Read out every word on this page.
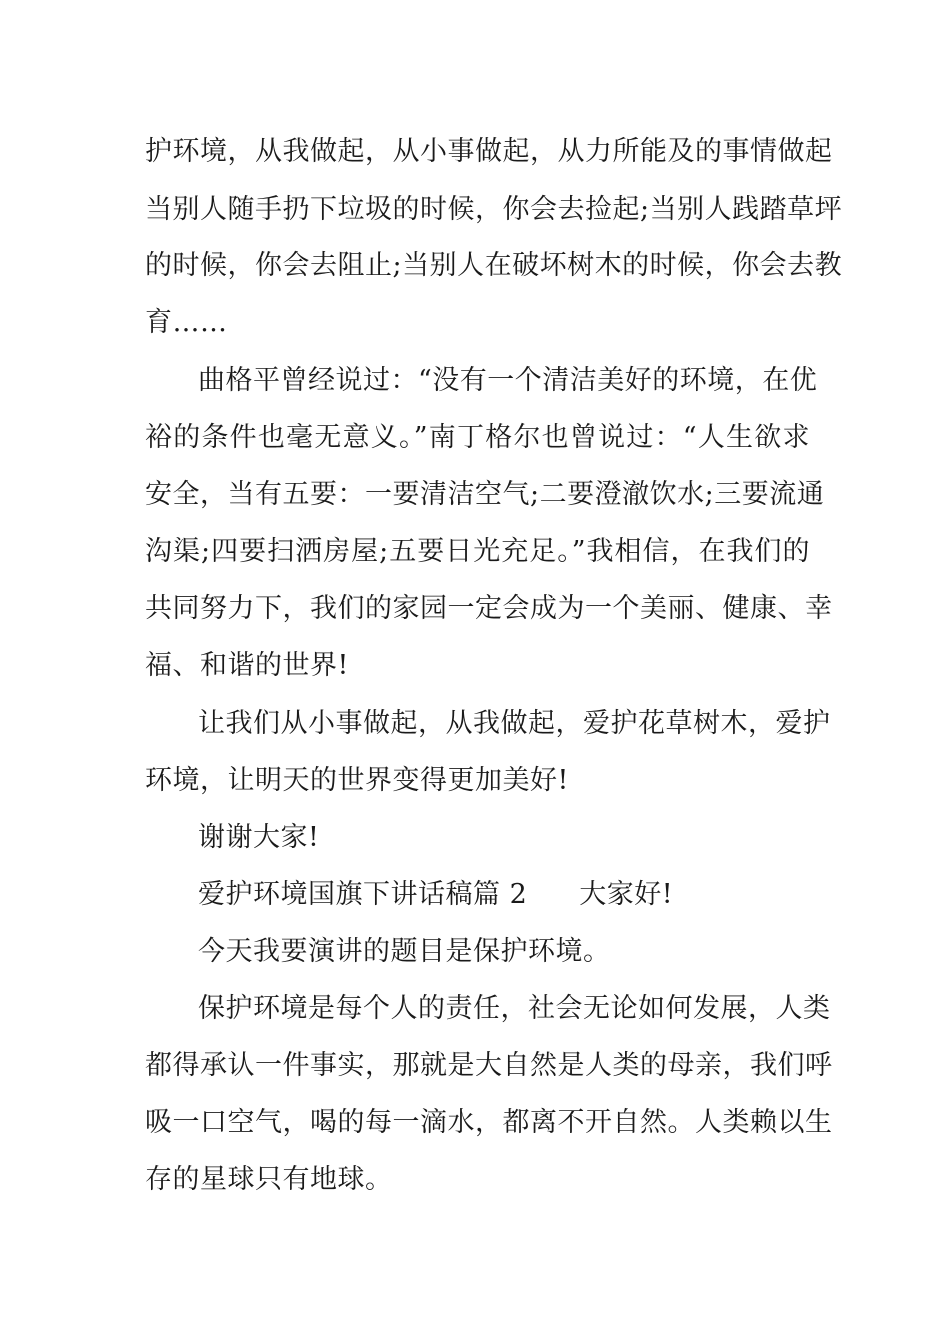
护环境，从我做起，从小事做起，从力所能及的事情做起
当别人随手扔下垃圾的时候，你会去捡起;当别人践踏草坪
的时候，你会去阻止;当别人在破坏树木的时候，你会去教
育……
曲格平曾经说过：“没有一个清洁美好的环境，在优
裕的条件也毫无意义。”南丁格尔也曾说过：“人生欲求
安全，当有五要：一要清洁空气;二要澄澈饮水;三要流通
沟渠;四要扫洒房屋;五要日光充足。”我相信，在我们的
共同努力下，我们的家园一定会成为一个美丽、健康、幸
福、和谐的世界!
让我们从小事做起，从我做起，爱护花草树木，爱护
环境，让明天的世界变得更加美好!
谢谢大家!
爱护环境国旗下讲话稿篇 2 大家好!
今天我要演讲的题目是保护环境。
保护环境是每个人的责任，社会无论如何发展，人类
都得承认一件事实，那就是大自然是人类的母亲，我们呼
吸一口空气，喝的每一滴水，都离不开自然。人类赖以生
存的星球只有地球。
